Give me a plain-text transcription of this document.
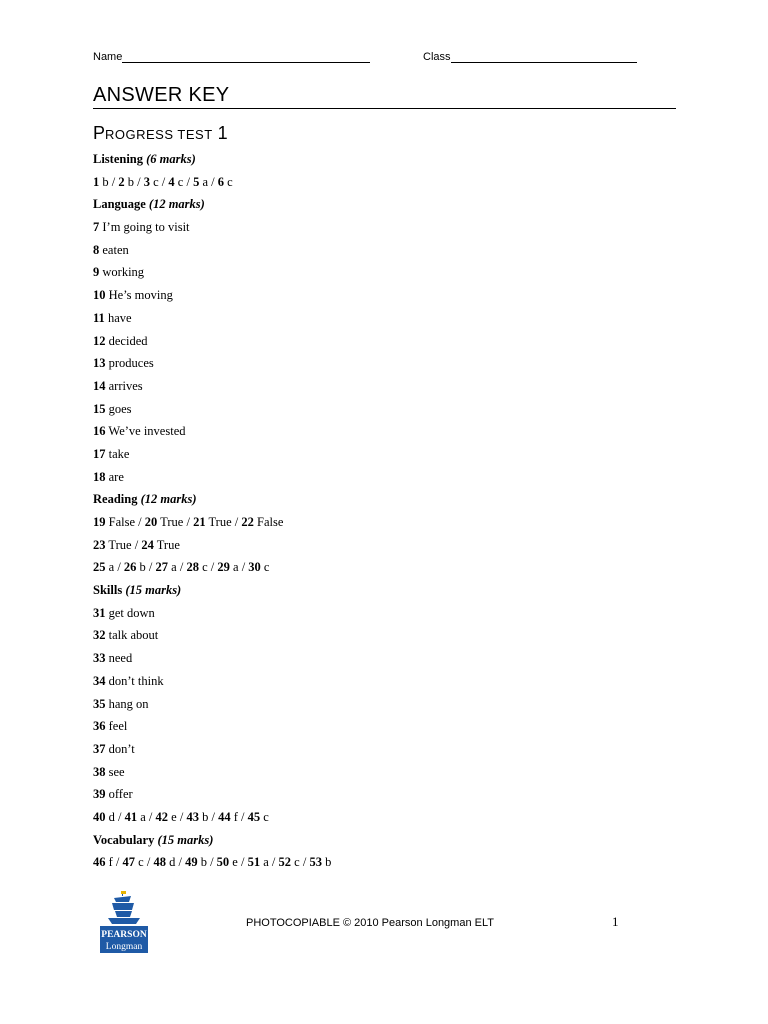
Name	Class
ANSWER KEY
PROGRESS TEST 1
Listening (6 marks)
1 b / 2 b / 3 c / 4 c / 5 a / 6 c
Language (12 marks)
7 I’m going to visit
8 eaten
9 working
10 He’s moving
11 have
12 decided
13 produces
14 arrives
15 goes
16 We’ve invested
17 take
18 are
Reading (12 marks)
19 False / 20 True / 21 True / 22 False
23 True / 24 True
25 a / 26 b / 27 a / 28 c / 29 a / 30 c
Skills (15 marks)
31 get down
32 talk about
33 need
34 don’t think
35 hang on
36 feel
37 don’t
38 see
39 offer
40 d / 41 a / 42 e / 43 b / 44 f / 45 c
Vocabulary (15 marks)
46 f / 47 c / 48 d / 49 b / 50 e / 51 a / 52 c / 53 b
PEARSON
Longman
PHOTOCOPIABLE © 2010 Pearson Longman ELT	1
